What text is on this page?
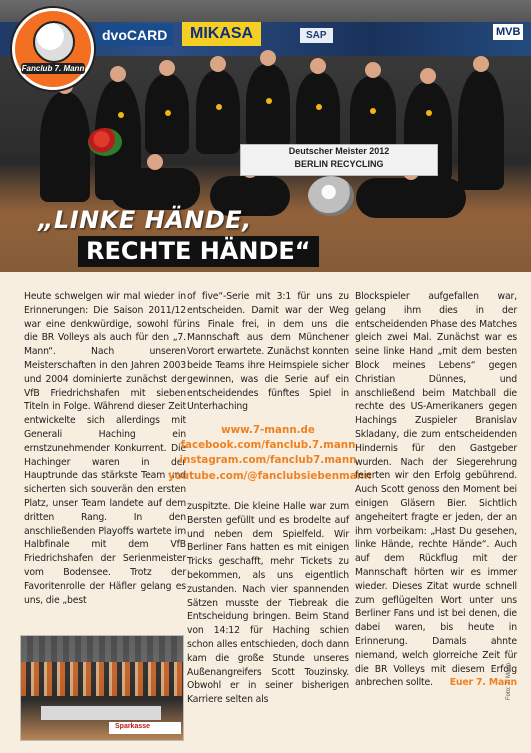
dvoCARD	MIKASA	SAP	MVB
Deutscher Meister 2012
BERLIN RECYCLING
Fanclub 7. Mann
„LINKE HÄNDE,
RECHTE HÄNDE“
Heute schwelgen wir mal wieder in Erinnerungen: Die Saison 2011/12 war eine denkwürdige, sowohl für die BR Volleys als auch für den „7. Mann“. Nach unseren Meisterschaften in den Jahren 2003 und 2004 dominierte zunächst der VfB Friedrichshafen mit sieben Titeln in Folge. Während dieser Zeit entwickelte sich allerdings mit Generali Haching ein ernstzunehmender Konkurrent. Die Hachinger waren in der Hauptrunde das stärkste Team und sicherten sich souverän den ersten Platz, unser Team landete auf dem dritten Rang. In den anschließenden Playoffs wartete im Halbfinale mit dem VfB Friedrichshafen der Serienmeister vom Bodensee. Trotz der Favoritenrolle der Häfler gelang es uns, die „best
of five“-Serie mit 3:1 für uns zu entscheiden. Damit war der Weg ins Finale frei, in dem uns die Mannschaft aus dem Münchener Vorort erwartete. Zunächst konnten beide Teams ihre Heimspiele sicher gewinnen, was die Serie auf ein entscheidendes fünftes Spiel in Unterhaching
www.7-mann.de
facebook.com/fanclub.7.mann
instagram.com/fanclub7.mann
youtube.com/@fanclubsiebenmann
zuspitzte. Die kleine Halle war zum Bersten gefüllt und es brodelte auf und neben dem Spielfeld. Wir Berliner Fans hatten es mit einigen Tricks geschafft, mehr Tickets zu bekommen, als uns eigentlich zustanden. Nach vier spannenden Sätzen musste der Tiebreak die Entscheidung bringen. Beim Stand von 14:12 für Haching schien schon alles entschieden, doch dann kam die große Stunde unseres Außenangreifers Scott Touzinsky. Obwohl er in seiner bisherigen Karriere selten als
Blockspieler aufgefallen war, gelang ihm dies in der entscheidenden Phase des Matches gleich zwei Mal. Zunächst war es seine linke Hand „mit dem besten Block meines Lebens“ gegen Christian Dünnes, und anschließend beim Matchball die rechte des US-Amerikaners gegen Hachings Zuspieler Branislav Skladany, die zum entscheidenden Hindernis für den Gastgeber wurden. Nach der Siegerehrung feierten wir den Erfolg gebührend. Auch Scott genoss den Moment bei einigen Gläsern Bier. Sichtlich angeheitert fragte er jeden, der an ihm vorbeikam: „Hast Du gesehen, linke Hände, rechte Hände“. Auch auf dem Rückflug mit der Mannschaft hörten wir es immer wieder. Dieses Zitat wurde schnell zum geflügelten Wort unter uns Berliner Fans und ist bei denen, die dabei waren, bis heute in Erinnerung. Damals ahnte niemand, welch glorreiche Zeit für die BR Volleys mit diesem Erfolg anbrechen sollte. Euer 7. Mann
Sparkasse
Foto: 7. Mann
